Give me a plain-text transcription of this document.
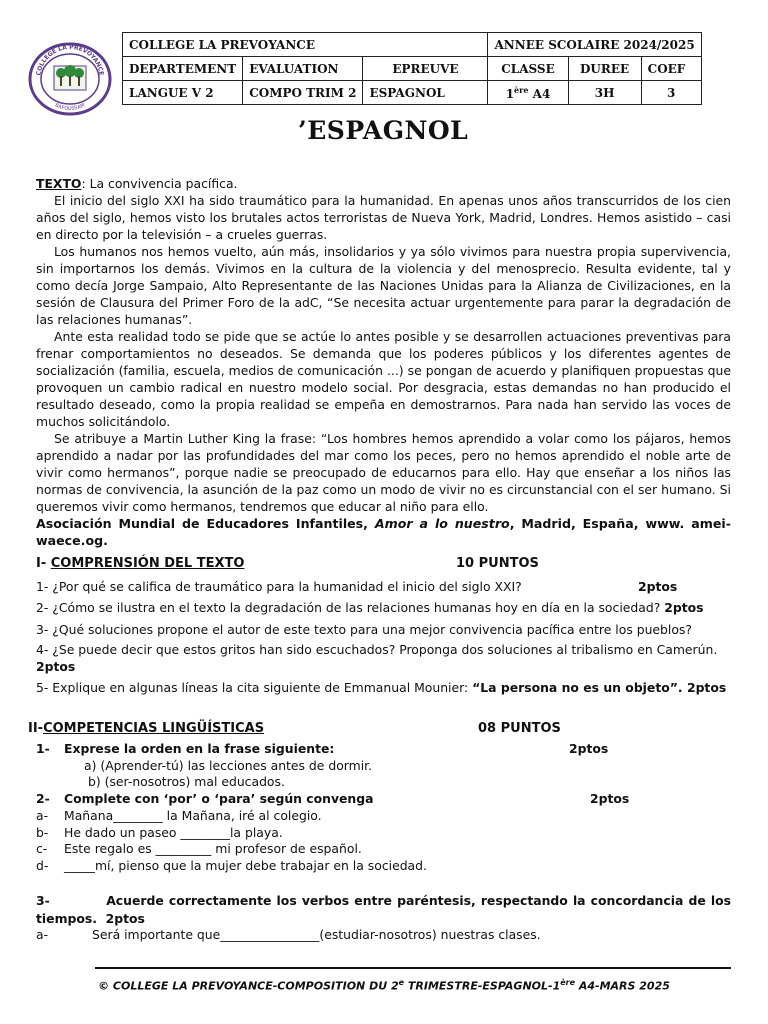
COLLEGE LA PREVOYANCE
BAFOUSSAM
COLLEGE LA PREVOYANCE			ANNEE SCOLAIRE 2024/2025		
DEPARTEMENT	EVALUATION	EPREUVE	CLASSE	DUREE	COEF
LANGUE V 2	COMPO TRIM 2	ESPAGNOL	1ère A4	3H	3
’ESPAGNOL

TEXTO: La convivencia pacífica.

El inicio del siglo XXI ha sido traumático para la humanidad. En apenas unos años transcurridos de los cien años del siglo, hemos visto los brutales actos terroristas de Nueva York, Madrid, Londres. Hemos asistido – casi en directo por la televisión – a crueles guerras.

Los humanos nos hemos vuelto, aún más, insolidarios y ya sólo vivimos para nuestra propia supervivencia, sin importarnos los demás. Vivimos en la cultura de la violencia y del menosprecio. Resulta evidente, tal y como decía Jorge Sampaio, Alto Representante de las Naciones Unidas para la Alianza de Civilizaciones, en la sesión de Clausura del Primer Foro de la adC, “Se necesita actuar urgentemente para parar la degradación de las relaciones humanas”.

Ante esta realidad todo se pide que se actúe lo antes posible y se desarrollen actuaciones preventivas para frenar comportamientos no deseados. Se demanda que los poderes públicos y los diferentes agentes de socialización (familia, escuela, medios de comunicación ...) se pongan de acuerdo y planifiquen propuestas que provoquen un cambio radical en nuestro modelo social. Por desgracia, estas demandas no han producido el resultado deseado, como la propia realidad se empeña en demostrarnos. Para nada han servido las voces de muchos solicitándolo.

Se atribuye a Martin Luther King la frase: “Los hombres hemos aprendido a volar como los pájaros, hemos aprendido a nadar por las profundidades del mar como los peces, pero no hemos aprendido el noble arte de vivir como hermanos”, porque nadie se preocupado de educarnos para ello. Hay que enseñar a los niños las normas de convivencia, la asunción de la paz como un modo de vivir no es circunstancial con el ser humano. Si queremos vivir como hermanos, tendremos que educar al niño para ello.

Asociación Mundial de Educadores Infantiles, Amor a lo nuestro, Madrid, España, www. amei-waece.og.

I- COMPRENSIÓN DEL TEXTO	10 PUNTOS
1- ¿Por qué se califica de traumático para la humanidad el inicio del siglo XXI?	2ptos
2- ¿Cómo se ilustra en el texto la degradación de las relaciones humanas hoy en día en la sociedad? 2ptos
3- ¿Qué soluciones propone el autor de este texto para una mejor convivencia pacífica entre los pueblos?
4- ¿Se puede decir que estos gritos han sido escuchados? Proponga dos soluciones al tribalismo en Camerún.
2ptos
5- Explique en algunas líneas la cita siguiente de Emmanual Mounier: “La persona no es un objeto”. 2ptos
II-COMPETENCIAS LINGÜÍSTICAS	08 PUNTOS
1- Exprese la orden en la frase siguiente:	2ptos
a) (Aprender-tú) las lecciones antes de dormir.
b) (ser-nosotros) mal educados.
2- Complete con ‘por’ o ‘para’ según convenga	2ptos
a- Mañana________ la Mañana, iré al colegio.
b- He dado un paseo ________la playa.
c- Este regalo es _________ mi profesor de español.
d- _____mí, pienso que la mujer debe trabajar en la sociedad.
3-	Acuerde correctamente los verbos entre paréntesis, respectando la concordancia de los tiempos. 2ptos
a-	Será importante que________________(estudiar-nosotros) nuestras clases.
© COLLEGE LA PREVOYANCE-COMPOSITION DU 2e TRIMESTRE-ESPAGNOL-1ère A4-MARS 2025
